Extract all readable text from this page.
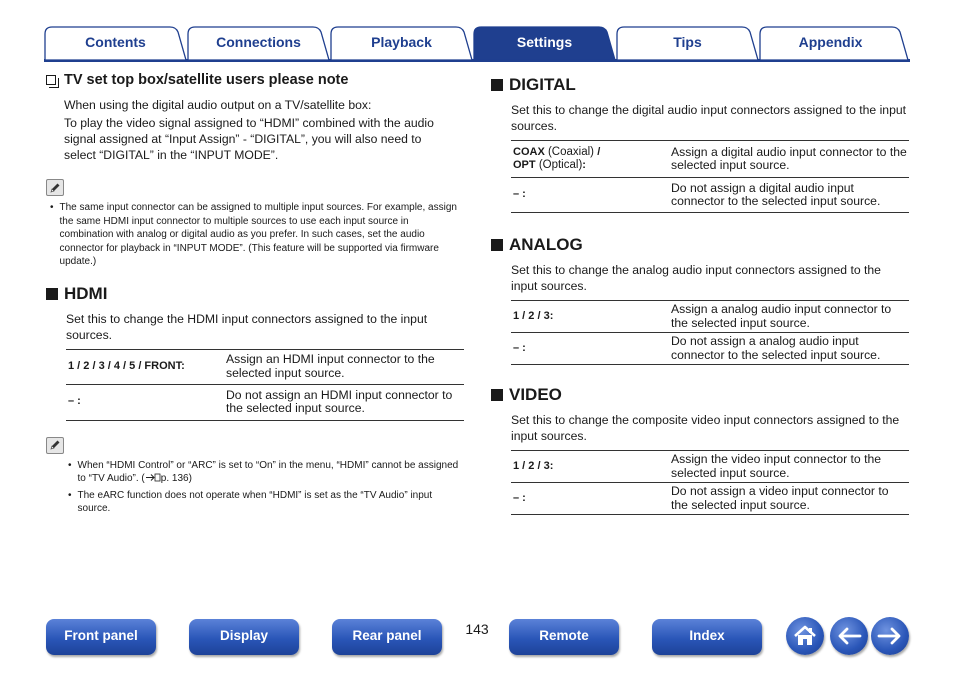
Contents	Connections	Playback	Settings	Tips	Appendix
TV set top box/satellite users please note
When using the digital audio output on a TV/satellite box:
To play the video signal assigned to “HDMI” combined with the audio signal assigned at “Input Assign” - “DIGITAL”, you will also need to select “DIGITAL” in the “INPUT MODE”.
• The same input connector can be assigned to multiple input sources. For example, assign the same HDMI input connector to multiple sources to use each input source in combination with analog or digital audio as you prefer. In such cases, set the audio connector for playback in “INPUT MODE”. (This feature will be supported via firmware update.)
HDMI
Set this to change the HDMI input connectors assigned to the input sources.
1 / 2 / 3 / 4 / 5 / FRONT:	Assign an HDMI input connector to the selected input source.
– :	Do not assign an HDMI input connector to the selected input source.
• When “HDMI Control” or “ARC” is set to “On” in the menu, “HDMI” cannot be assigned to “TV Audio”. ( p. 136)
• The eARC function does not operate when “HDMI” is set as the “TV Audio” input source.
DIGITAL
Set this to change the digital audio input connectors assigned to the input sources.
COAX (Coaxial) /
OPT (Optical):	Assign a digital audio input connector to the selected input source.
– :	Do not assign a digital audio input connector to the selected input source.
ANALOG
Set this to change the analog audio input connectors assigned to the input sources.
1 / 2 / 3:	Assign a analog audio input connector to the selected input source.
– :	Do not assign a analog audio input connector to the selected input source.
VIDEO
Set this to change the composite video input connectors assigned to the input sources.
1 / 2 / 3:	Assign the video input connector to the selected input source.
– :	Do not assign a video input connector to the selected input source.
Front panel	Display	Rear panel	143	Remote	Index
